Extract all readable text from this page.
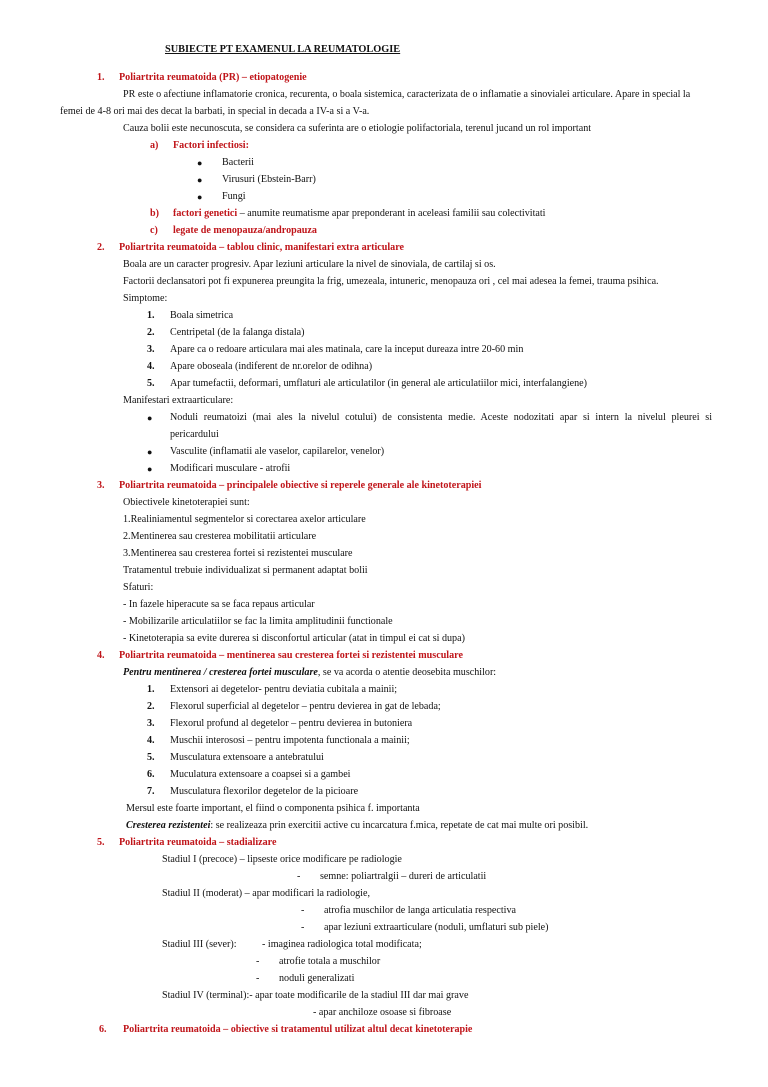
SUBIECTE PT EXAMENUL LA REUMATOLOGIE
1. Poliartrita reumatoida (PR) – etiopatogenie
PR este o afectiune inflamatorie cronica, recurenta, o boala sistemica, caracterizata de o inflamatie a sinovialei articulare. Apare in special la
femei de 4-8 ori mai des decat la barbati, in special in decada a IV-a si a V-a.
Cauza bolii este necunoscuta, se considera ca suferinta are o etiologie polifactoriala, terenul jucand un rol important
a) Factori infectiosi:
● Bacterii
● Virusuri (Ebstein-Barr)
● Fungi
b) factori genetici – anumite reumatisme apar preponderant in aceleasi familii sau colectivitati
c) legate de menopauza/andropauza
2. Poliartrita reumatoida – tablou clinic, manifestari extra articulare
Boala are un caracter progresiv. Apar leziuni articulare la nivel de sinoviala, de cartilaj si os.
Factorii declansatori pot fi expunerea preungita la frig, umezeala, intuneric, menopauza ori , cel mai adesea la femei, trauma psihica.
Simptome:
1. Boala simetrica
2. Centripetal (de la falanga distala)
3. Apare ca o redoare articulara mai ales matinala, care la inceput dureaza intre 20-60 min
4. Apare oboseala (indiferent de nr.orelor de odihna)
5. Apar tumefactii, deformari, umflaturi ale articulatilor (in general ale articulatiilor mici, interfalangiene)
Manifestari extraarticulare:
● Noduli reumatoizi (mai ales la nivelul cotului) de consistenta medie. Aceste nodozitati apar si intern la nivelul pleurei si
pericardului
● Vasculite (inflamatii ale vaselor, capilarelor, venelor)
● Modificari musculare - atrofii
3. Poliartrita reumatoida – principalele obiective si reperele generale ale kinetoterapiei
Obiectivele kinetoterapiei sunt:
1.Realiniamentul segmentelor si corectarea axelor articulare
2.Mentinerea sau cresterea mobilitatii articulare
3.Mentinerea sau cresterea fortei si rezistentei musculare
Tratamentul trebuie individualizat si permanent adaptat bolii
Sfaturi:
- In fazele hiperacute sa se faca repaus articular
- Mobilizarile articulatiilor se fac la limita amplitudinii functionale
- Kinetoterapia sa evite durerea si disconfortul articular (atat in timpul ei cat si dupa)
4. Poliartrita reumatoida – mentinerea sau cresterea fortei si rezistentei musculare
Pentru mentinerea / cresterea fortei musculare, se va acorda o atentie deosebita muschilor:
1. Extensori ai degetelor- pentru deviatia cubitala a mainii;
2. Flexorul superficial al degetelor – pentru devierea in gat de lebada;
3. Flexorul profund al degetelor – pentru devierea in butoniera
4. Muschii interososi – pentru impotenta functionala a mainii;
5. Musculatura extensoare a antebratului
6. Muculatura extensoare a coapsei si a gambei
7. Musculatura flexorilor degetelor de la picioare
Mersul este foarte important, el fiind o componenta psihica f. importanta
Cresterea rezistentei: se realizeaza prin exercitii active cu incarcatura f.mica, repetate de cat mai multe ori posibil.
5. Poliartrita reumatoida – stadializare
Stadiul I (precoce) – lipseste orice modificare pe radiologie
- semne: poliartralgii – dureri de articulatii
Stadiul II (moderat) – apar modificari la radiologie,
- atrofia muschilor de langa articulatia respectiva
- apar leziuni extraarticulare (noduli, umflaturi sub piele)
Stadiul III (sever):	- imaginea radiologica total modificata;
- atrofie totala a muschilor
- noduli generalizati
Stadiul IV (terminal):- apar toate modificarile de la stadiul III dar mai grave
- apar anchiloze osoase si fibroase
6. Poliartrita reumatoida – obiective si tratamentul utilizat altul decat kinetoterapie
